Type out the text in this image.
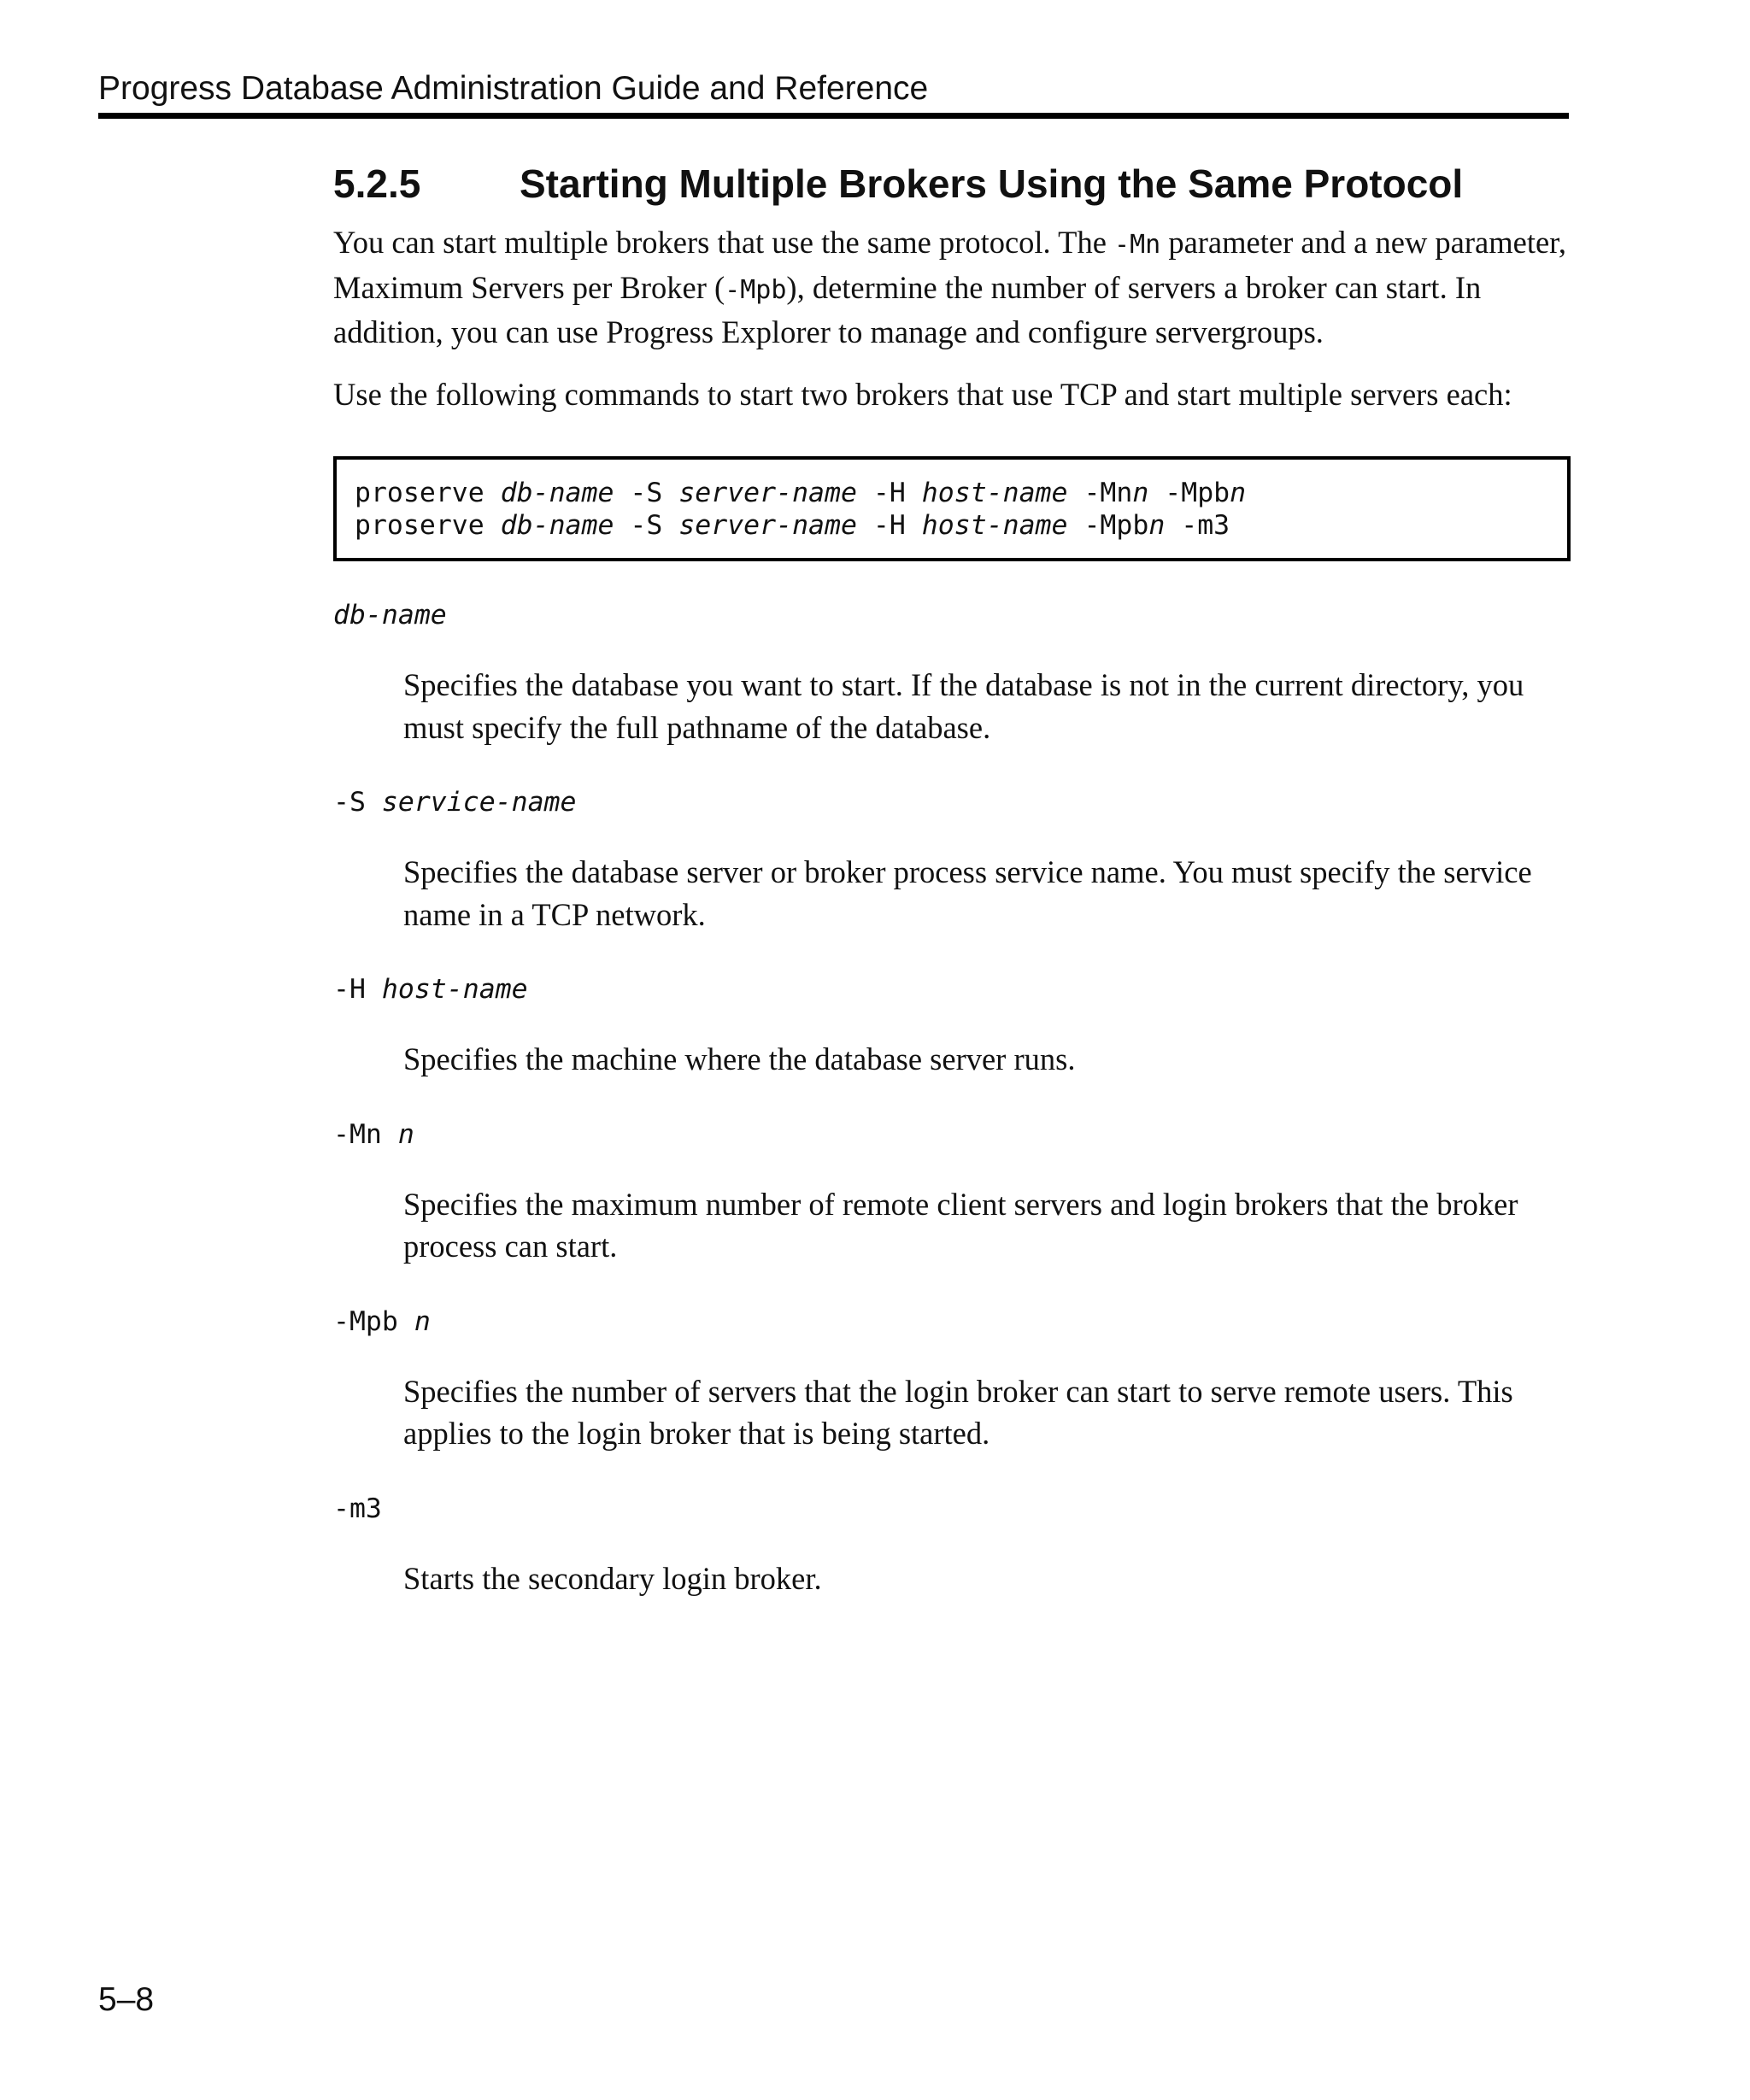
Progress Database Administration Guide and Reference
5.2.5	Starting Multiple Brokers Using the Same Protocol

You can start multiple brokers that use the same protocol. The -Mn parameter and a new parameter, Maximum Servers per Broker (-Mpb), determine the number of servers a broker can start. In addition, you can use Progress Explorer to manage and configure servergroups.

Use the following commands to start two brokers that use TCP and start multiple servers each:

proserve db-name -S server-name -H host-name -Mnn -Mpbn
proserve db-name -S server-name -H host-name -Mpbn -m3
db-name

Specifies the database you want to start. If the database is not in the current directory, you must specify the full pathname of the database.

-S service-name

Specifies the database server or broker process service name. You must specify the service name in a TCP network.

-H host-name

Specifies the machine where the database server runs.

-Mn n

Specifies the maximum number of remote client servers and login brokers that the broker process can start.

-Mpb n

Specifies the number of servers that the login broker can start to serve remote users. This applies to the login broker that is being started.

-m3

Starts the secondary login broker.

5–8
